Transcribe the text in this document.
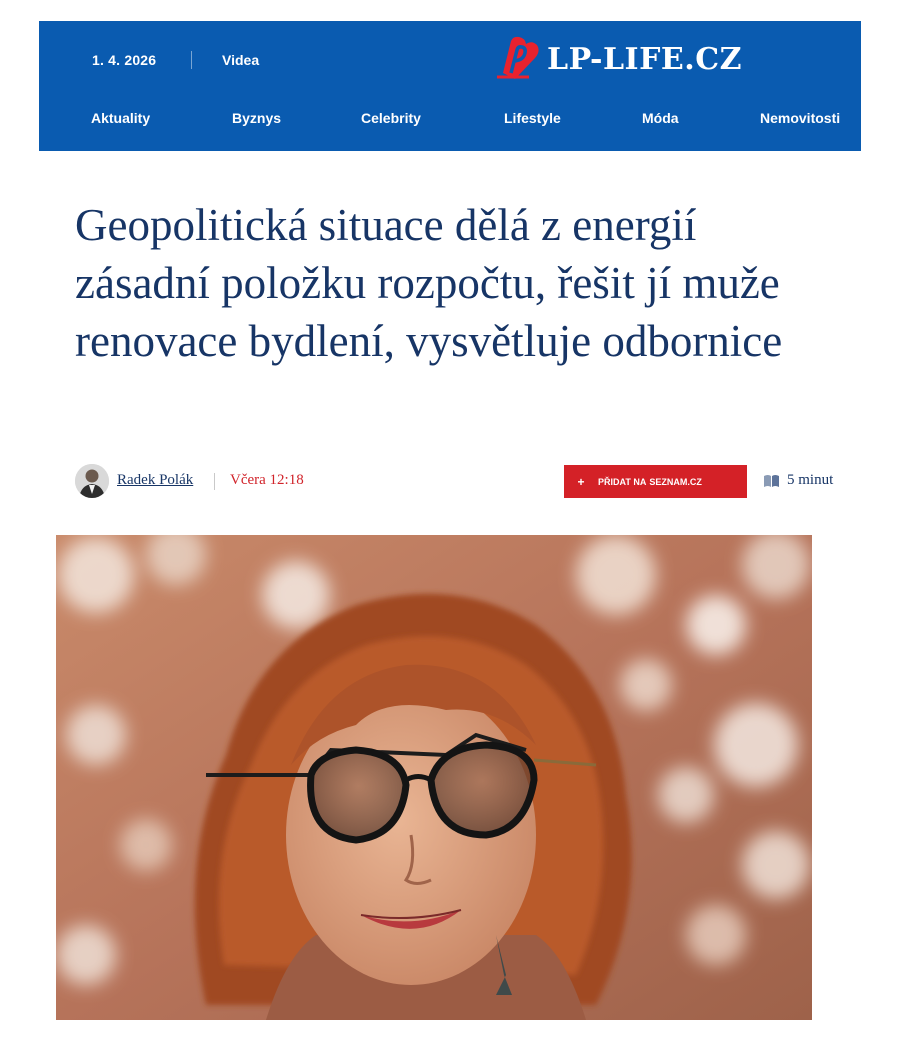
1. 4. 2026	Videa	LP-LIFE.CZ
Aktuality	Byznys	Celebrity	Lifestyle	Móda	Nemovitosti
Geopolitická situace dělá z energií zásadní položku rozpočtu, řešit jí muže renovace bydlení, vysvětluje odbornice
Radek Polák Včera 12:18	+	PŘIDAT NA SEZNAM.CZ	5 minut
